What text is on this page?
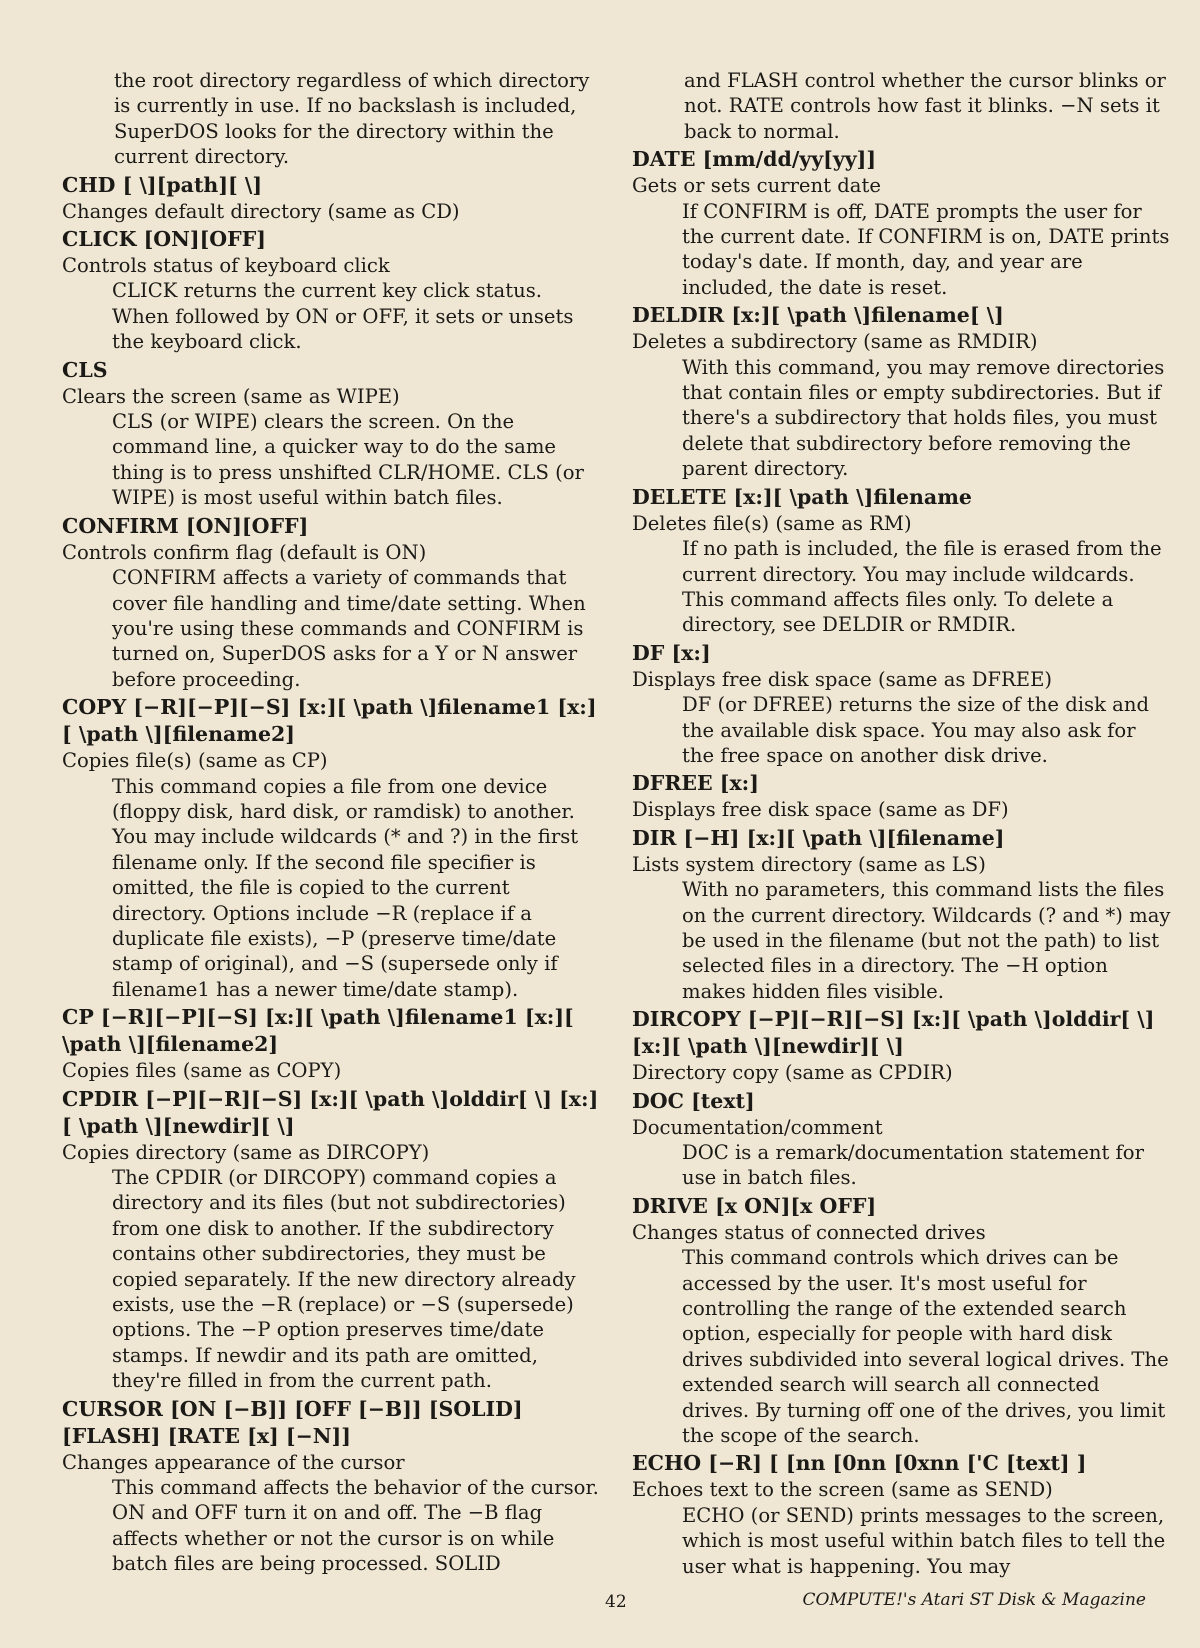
the root directory regardless of which directory is currently in use. If no backslash is included, SuperDOS looks for the directory within the current directory.

CHD [ \][path][ \]
Changes default directory (same as CD)
CLICK [ON][OFF]
Controls status of keyboard click
CLICK returns the current key click status. When followed by ON or OFF, it sets or unsets the keyboard click.
CLS
Clears the screen (same as WIPE)
CLS (or WIPE) clears the screen. On the command line, a quicker way to do the same thing is to press unshifted CLR/HOME. CLS (or WIPE) is most useful within batch files.
CONFIRM [ON][OFF]
Controls confirm flag (default is ON)
CONFIRM affects a variety of commands that cover file handling and time/date setting. When you're using these commands and CONFIRM is turned on, SuperDOS asks for a Y or N answer before proceeding.
COPY [−R][−P][−S] [x:][ \path \]filename1 [x:][ \path \][filename2]
Copies file(s) (same as CP)
This command copies a file from one device (floppy disk, hard disk, or ramdisk) to another. You may include wildcards (* and ?) in the first filename only. If the second file specifier is omitted, the file is copied to the current directory. Options include −R (replace if a duplicate file exists), −P (preserve time/date stamp of original), and −S (supersede only if filename1 has a newer time/date stamp).
CP [−R][−P][−S] [x:][ \path \]filename1 [x:][ \path \][filename2]
Copies files (same as COPY)
CPDIR [−P][−R][−S] [x:][ \path \]olddir[ \] [x:][ \path \][newdir][ \]
Copies directory (same as DIRCOPY)
The CPDIR (or DIRCOPY) command copies a directory and its files (but not subdirectories) from one disk to another. If the subdirectory contains other subdirectories, they must be copied separately. If the new directory already exists, use the −R (replace) or −S (supersede) options. The −P option preserves time/date stamps. If newdir and its path are omitted, they're filled in from the current path.
CURSOR [ON [−B]] [OFF [−B]] [SOLID] [FLASH] [RATE [x] [−N]]
Changes appearance of the cursor
This command affects the behavior of the cursor. ON and OFF turn it on and off. The −B flag affects whether or not the cursor is on while batch files are being processed. SOLID

and FLASH control whether the cursor blinks or not. RATE controls how fast it blinks. −N sets it back to normal.

DATE [mm/dd/yy[yy]]
Gets or sets current date
If CONFIRM is off, DATE prompts the user for the current date. If CONFIRM is on, DATE prints today's date. If month, day, and year are included, the date is reset.
DELDIR [x:][ \path \]filename[ \]
Deletes a subdirectory (same as RMDIR)
With this command, you may remove directories that contain files or empty subdirectories. But if there's a subdirectory that holds files, you must delete that subdirectory before removing the parent directory.
DELETE [x:][ \path \]filename
Deletes file(s) (same as RM)
If no path is included, the file is erased from the current directory. You may include wildcards. This command affects files only. To delete a directory, see DELDIR or RMDIR.
DF [x:]
Displays free disk space (same as DFREE)
DF (or DFREE) returns the size of the disk and the available disk space. You may also ask for the free space on another disk drive.
DFREE [x:]
Displays free disk space (same as DF)
DIR [−H] [x:][ \path \][filename]
Lists system directory (same as LS)
With no parameters, this command lists the files on the current directory. Wildcards (? and *) may be used in the filename (but not the path) to list selected files in a directory. The −H option makes hidden files visible.
DIRCOPY [−P][−R][−S] [x:][ \path \]olddir[ \] [x:][ \path \][newdir][ \]
Directory copy (same as CPDIR)
DOC [text]
Documentation/comment
DOC is a remark/documentation statement for use in batch files.
DRIVE [x ON][x OFF]
Changes status of connected drives
This command controls which drives can be accessed by the user. It's most useful for controlling the range of the extended search option, especially for people with hard disk drives subdivided into several logical drives. The extended search will search all connected drives. By turning off one of the drives, you limit the scope of the search.
ECHO [−R] [ [nn [0nn [0xnn ['C [text] ]
Echoes text to the screen (same as SEND)
ECHO (or SEND) prints messages to the screen, which is most useful within batch files to tell the user what is happening. You may
42	COMPUTE!'s Atari ST Disk & Magazine
